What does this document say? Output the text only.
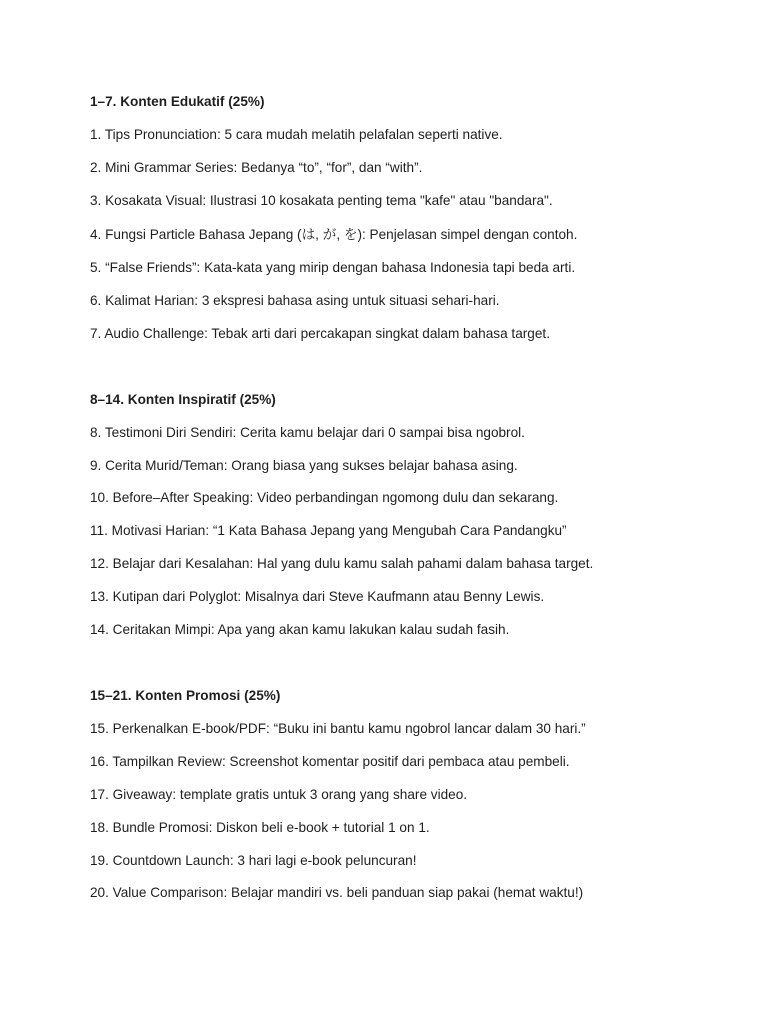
1–7. Konten Edukatif (25%)
1. Tips Pronunciation: 5 cara mudah melatih pelafalan seperti native.
2. Mini Grammar Series: Bedanya “to”, “for”, dan “with”.
3. Kosakata Visual: Ilustrasi 10 kosakata penting tema "kafe" atau "bandara".
4. Fungsi Particle Bahasa Jepang (は, が, を): Penjelasan simpel dengan contoh.
5. “False Friends”: Kata-kata yang mirip dengan bahasa Indonesia tapi beda arti.
6. Kalimat Harian: 3 ekspresi bahasa asing untuk situasi sehari-hari.
7. Audio Challenge: Tebak arti dari percakapan singkat dalam bahasa target.
8–14. Konten Inspiratif (25%)
8. Testimoni Diri Sendiri: Cerita kamu belajar dari 0 sampai bisa ngobrol.
9. Cerita Murid/Teman: Orang biasa yang sukses belajar bahasa asing.
10. Before–After Speaking: Video perbandingan ngomong dulu dan sekarang.
11. Motivasi Harian: “1 Kata Bahasa Jepang yang Mengubah Cara Pandangku”
12. Belajar dari Kesalahan: Hal yang dulu kamu salah pahami dalam bahasa target.
13. Kutipan dari Polyglot: Misalnya dari Steve Kaufmann atau Benny Lewis.
14. Ceritakan Mimpi: Apa yang akan kamu lakukan kalau sudah fasih.
15–21. Konten Promosi (25%)
15. Perkenalkan E-book/PDF: “Buku ini bantu kamu ngobrol lancar dalam 30 hari.”
16. Tampilkan Review: Screenshot komentar positif dari pembaca atau pembeli.
17. Giveaway: template gratis untuk 3 orang yang share video.
18. Bundle Promosi: Diskon beli e-book + tutorial 1 on 1.
19. Countdown Launch: 3 hari lagi e-book peluncuran!
20. Value Comparison: Belajar mandiri vs. beli panduan siap pakai (hemat waktu!)
